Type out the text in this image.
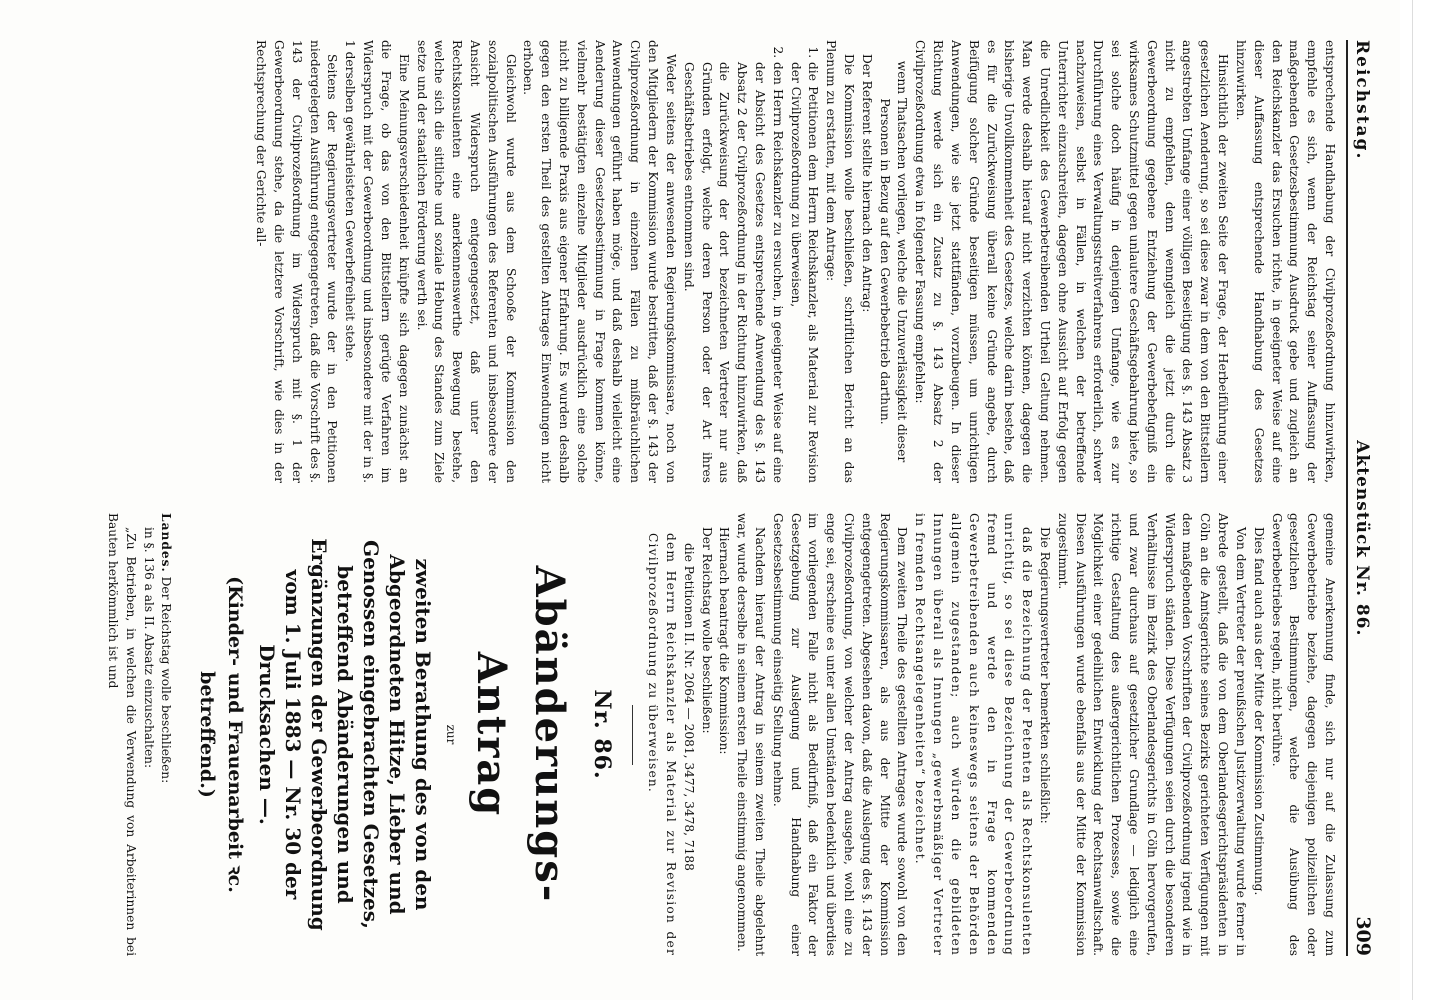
Reichstag.
Aktenstück Nr. 86.
309

entsprechende Handhabung der Civilprozeßordnung hinzuwirken, empfehle es sich, wenn der Reichstag seiner Auffassung der maßgebenden Gesetzesbestimmung Ausdruck gebe und zugleich an den Reichskanzler das Ersuchen richte, in geeigneter Weise auf eine dieser Auffassung entsprechende Handhabung des Gesetzes hinzuwirken.

Hinsichtlich der zweiten Seite der Frage, der Herbeiführung einer gesetzlichen Aenderung, so sei diese zwar in dem von den Bittstellern angestrebten Umfange einer völligen Beseitigung des §. 143 Absatz 3 nicht zu empfehlen, denn wenngleich die jetzt durch die Gewerbeordnung gegebene Entziehung der Gewerbebefugniß ein wirksames Schutzmittel gegen unlautere Geschäftsgebahrung biete, so sei solche doch häufig in denjenigen Umfange, wie es zur Durchführung eines Verwaltungsstreitverfahrens erforderlich, schwer nachzuweisen, selbst in Fällen, in welchen der betreffende Unterrichter einzuschreiten, dagegen ohne Aussicht auf Erfolg gegen die Unredlichkeit des Gewerbetreibenden Urtheil Geltung nehmen. Man werde deshalb hierauf nicht verzichten können, dagegen die bisherige Unvollkommenheit des Gesetzes, welche darin bestehe, daß es für die Zurückweisung überall keine Gründe angebe, durch Beifügung solcher Gründe beseitigen müssen, um unrichtigen Anwendungen, wie sie jetzt stattfänden, vorzubeugen. In dieser Richtung werde sich ein Zusatz zu §. 143 Absatz 2 der Civilprozeßordnung etwa in folgender Fassung empfehlen:

wenn Thatsachen vorliegen, welche die Unzuverlässigkeit dieser Personen in Bezug auf den Gewerbebetrieb darthun.

Der Referent stellte hiernach den Antrag:

Die Kommission wolle beschließen, schriftlichen Bericht an das Plenum zu erstatten, mit dem Antrage:

1. die Petitionen dem Herrn Reichskanzler, als Material zur Revision der Civilprozeßordnung zu überweisen,
2. den Herrn Reichskanzler zu ersuchen, in geeigneter Weise auf eine der Absicht des Gesetzes entsprechende Anwendung des §. 143 Absatz 2 der Civilprozeßordnung in der Richtung hinzuwirken, daß die Zurückweisung der dort bezeichneten Vertreter nur aus Gründen erfolgt, welche deren Person oder der Art ihres Geschäftsbetriebes entnommen sind.

Weder seitens der anwesenden Regierungskommissare, noch von den Mitgliedern der Kommission wurde bestritten, daß der §. 143 der Civilprozeßordnung in einzelnen Fällen zu mißbräuchlichen Anwendungen geführt haben möge, und daß deshalb vielleicht eine Aenderung dieser Gesetzesbestimmung in Frage kommen könne, vielmehr bestätigten einzelne Mitglieder ausdrücklich eine solche nicht zu billigende Praxis aus eigener Erfahrung. Es wurden deshalb gegen den ersten Theil des gestellten Antrages Einwendungen nicht erhoben.

Gleichwohl wurde aus dem Schooße der Kommission den sozialpolitischen Ausführungen des Referenten und insbesondere der Ansicht Widerspruch entgegengesetzt, daß unter den Rechtskonsulenten eine anerkennenswerthe Bewegung bestehe, welche sich die sittliche und soziale Hebung des Standes zum Ziele setze und der staatlichen Förderung werth sei.

Eine Meinungsverschiedenheit knüpfte sich dagegen zunächst an die Frage, ob das von den Bittstellern gerügte Verfahren im Widerspruch mit der Gewerbeordnung und insbesondere mit der in §. 1 derselben gewährleisteten Gewerbefreiheit stehe.

Seitens der Regierungsvertreter wurde der in den Petitionen niedergelegten Ausführung entgegengetreten, daß die Vorschrift des §. 143 der Civilprozeßordnung im Widerspruch mit §. 1 der Gewerbeordnung stehe, da die letztere Vorschrift, wie dies in der Rechtsprechung der Gerichte all-

gemeine Anerkennung finde, sich nur auf die Zulassung zum Gewerbebetriebe beziehe, dagegen diejenigen polizeilichen oder gesetzlichen Bestimmungen, welche die Ausübung des Gewerbebetriebes regeln, nicht berühre.

Dies fand auch aus der Mitte der Kommission Zustimmung.

Von dem Vertreter der preußischen Justizverwaltung wurde ferner in Abrede gestellt, daß die von dem Oberlandesgerichtspräsidenten in Cöln an die Amtsgerichte seines Bezirks gerichteten Verfügungen mit den maßgebenden Vorschriften der Civilprozeßordnung irgend wie in Widerspruch ständen. Diese Verfügungen seien durch die besonderen Verhältnisse im Bezirk des Oberlandesgerichts in Cöln hervorgerufen, und zwar durchaus auf gesetzlicher Grundlage — lediglich eine richtige Gestaltung des außergerichtlichen Prozesses, sowie die Möglichkeit einer gedeihlichen Entwicklung der Rechtsanwaltschaft. Diesen Ausführungen wurde ebenfalls aus der Mitte der Kommission zugestimmt.

Die Regierungsvertreter bemerkten schließlich:

daß die Bezeichnung der Petenten als Rechtskonsulenten unrichtig, so sei diese Bezeichnung der Gewerbeordnung fremd und werde den in Frage kommenden Gewerbetreibenden auch keineswegs seitens der Behörden allgemein zugestanden; auch würden die gebildeten Innungen überall als Innungen „gewerbsmäßiger Vertreter in fremden Rechtsangelegenheiten“ bezeichnet.

Dem zweiten Theile des gestellten Antrages wurde sowohl von den Regierungskommissaren, als aus der Mitte der Kommission entgegengetreten. Abgesehen davon, daß die Auslegung des §. 143 der Civilprozeßordnung, von welcher der Antrag ausgehe, wohl eine zu enge sei, erscheine es unter allen Umständen bedenklich und überdies im vorliegenden Falle nicht als Bedürfniß, daß ein Faktor der Gesetzgebung zur Auslegung und Handhabung einer Gesetzesbestimmung einseitig Stellung nehme.

Nachdem hierauf der Antrag in seinem zweiten Theile abgelehnt war, wurde derselbe in seinem ersten Theile einstimmig angenommen.

Hiernach beantragt die Kommission:

Der Reichstag wolle beschließen:

die Petitionen II. Nr. 2064 — 2081, 3477, 3478, 7188

dem Herrn Reichskanzler als Material zur Revision der Civilprozeßordnung zu überweisen.

Nr. 86.
Abänderungs-Antrag
zur
zweiten Berathung des von den Abgeordneten Hitze, Lieber und Genossen eingebrachten Gesetzes, betreffend Abänderungen und Ergänzungen der Gewerbeordnung vom 1. Juli 1883 — Nr. 30 der Drucksachen —.
(Kinder- und Frauenarbeit ꝛc. betreffend.)

Landes. Der Reichstag wolle beschließen:

in §. 136 a als II. Absatz einzuschalten:

„Zu Betrieben, in welchen die Verwendung von Arbeiterinnen bei Bauten herkömmlich ist und
